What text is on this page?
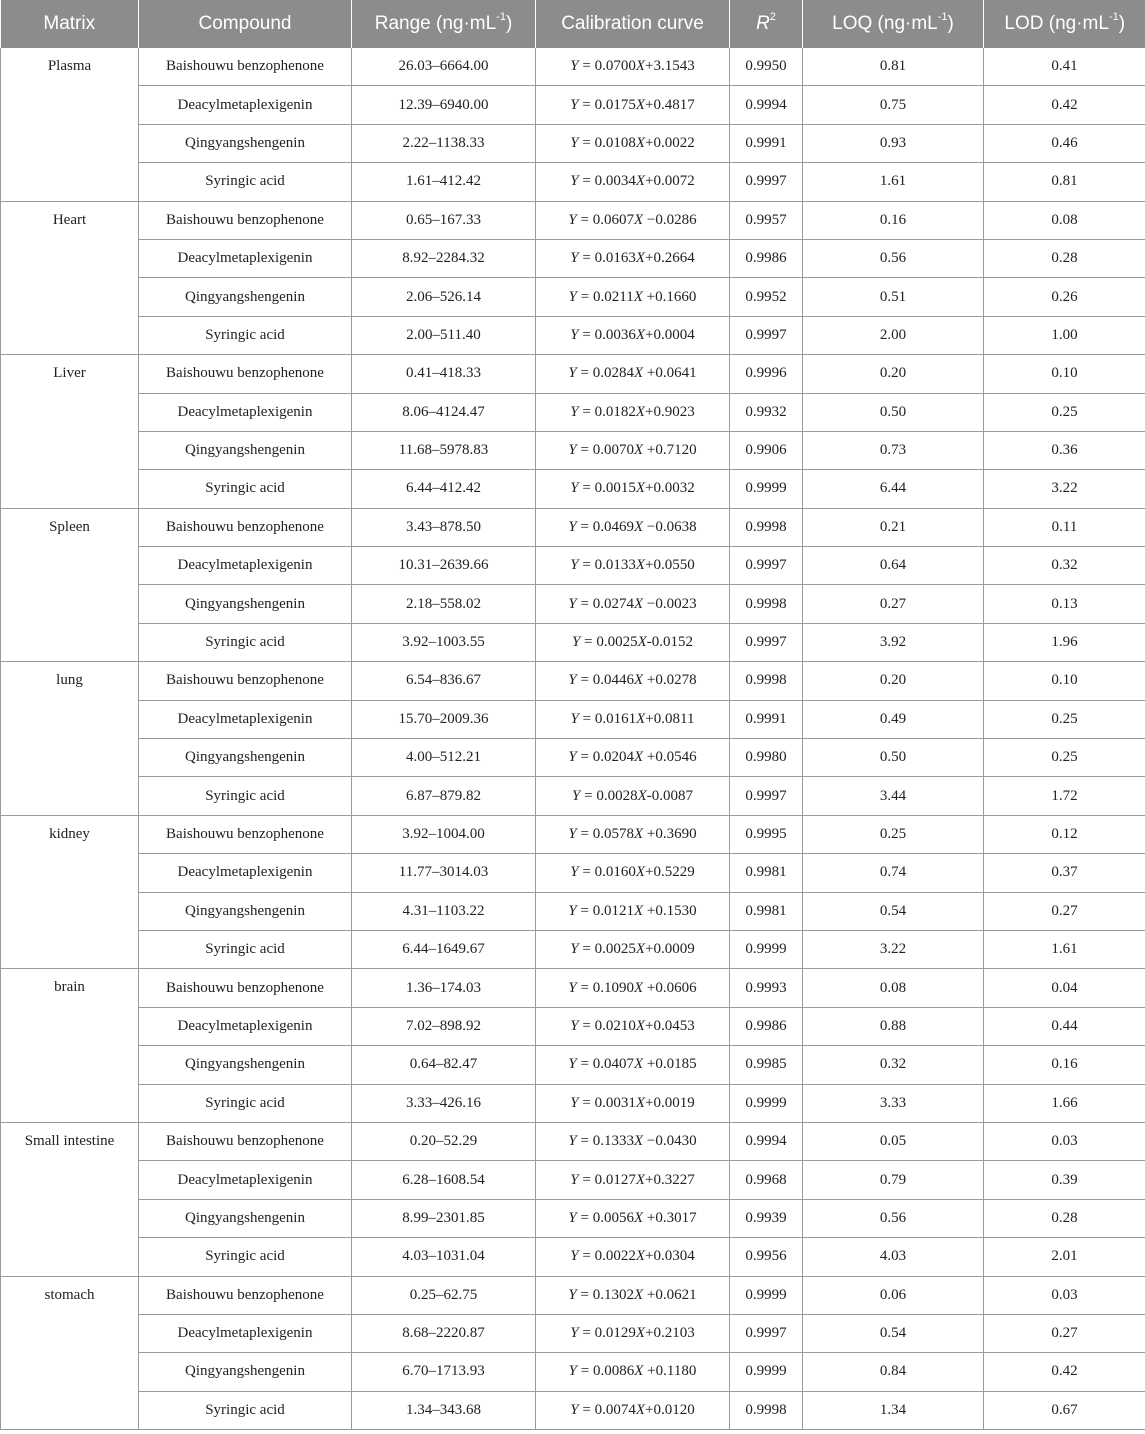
Matrix	Compound	Range $(ng\cdot mL^{-1})$	Calibration curve	$R^2$	LOQ $(ng\cdot mL^{-1})$	LOD $(ng\cdot mL^{-1})$
Plasma	Baishouwu benzophenone	26.03–6664.00	Y = 0.0700X+3.1543	0.9950	0.81	0.41
	Deacylmetaplexigenin	12.39–6940.00	Y = 0.0175X+0.4817	0.9994	0.75	0.42
	Qingyangshengenin	2.22–1138.33	Y = 0.0108X+0.0022	0.9991	0.93	0.46
	Syringic acid	1.61–412.42	Y = 0.0034X+0.0072	0.9997	1.61	0.81
Heart	Baishouwu benzophenone	0.65–167.33	Y = 0.0607X −0.0286	0.9957	0.16	0.08
	Deacylmetaplexigenin	8.92–2284.32	Y = 0.0163X+0.2664	0.9986	0.56	0.28
	Qingyangshengenin	2.06–526.14	Y = 0.0211X +0.1660	0.9952	0.51	0.26
	Syringic acid	2.00–511.40	Y = 0.0036X+0.0004	0.9997	2.00	1.00
Liver	Baishouwu benzophenone	0.41–418.33	Y = 0.0284X +0.0641	0.9996	0.20	0.10
	Deacylmetaplexigenin	8.06–4124.47	Y = 0.0182X+0.9023	0.9932	0.50	0.25
	Qingyangshengenin	11.68–5978.83	Y = 0.0070X +0.7120	0.9906	0.73	0.36
	Syringic acid	6.44–412.42	Y = 0.0015X+0.0032	0.9999	6.44	3.22
Spleen	Baishouwu benzophenone	3.43–878.50	Y = 0.0469X −0.0638	0.9998	0.21	0.11
	Deacylmetaplexigenin	10.31–2639.66	Y = 0.0133X+0.0550	0.9997	0.64	0.32
	Qingyangshengenin	2.18–558.02	Y = 0.0274X −0.0023	0.9998	0.27	0.13
	Syringic acid	3.92–1003.55	Y = 0.0025X-0.0152	0.9997	3.92	1.96
lung	Baishouwu benzophenone	6.54–836.67	Y = 0.0446X +0.0278	0.9998	0.20	0.10
	Deacylmetaplexigenin	15.70–2009.36	Y = 0.0161X+0.0811	0.9991	0.49	0.25
	Qingyangshengenin	4.00–512.21	Y = 0.0204X +0.0546	0.9980	0.50	0.25
	Syringic acid	6.87–879.82	Y = 0.0028X-0.0087	0.9997	3.44	1.72
kidney	Baishouwu benzophenone	3.92–1004.00	Y = 0.0578X +0.3690	0.9995	0.25	0.12
	Deacylmetaplexigenin	11.77–3014.03	Y = 0.0160X+0.5229	0.9981	0.74	0.37
	Qingyangshengenin	4.31–1103.22	Y = 0.0121X +0.1530	0.9981	0.54	0.27
	Syringic acid	6.44–1649.67	Y = 0.0025X+0.0009	0.9999	3.22	1.61
brain	Baishouwu benzophenone	1.36–174.03	Y = 0.1090X +0.0606	0.9993	0.08	0.04
	Deacylmetaplexigenin	7.02–898.92	Y = 0.0210X+0.0453	0.9986	0.88	0.44
	Qingyangshengenin	0.64–82.47	Y = 0.0407X +0.0185	0.9985	0.32	0.16
	Syringic acid	3.33–426.16	Y = 0.0031X+0.0019	0.9999	3.33	1.66
Small intestine	Baishouwu benzophenone	0.20–52.29	Y = 0.1333X −0.0430	0.9994	0.05	0.03
	Deacylmetaplexigenin	6.28–1608.54	Y = 0.0127X+0.3227	0.9968	0.79	0.39
	Qingyangshengenin	8.99–2301.85	Y = 0.0056X +0.3017	0.9939	0.56	0.28
	Syringic acid	4.03–1031.04	Y = 0.0022X+0.0304	0.9956	4.03	2.01
stomach	Baishouwu benzophenone	0.25–62.75	Y = 0.1302X +0.0621	0.9999	0.06	0.03
	Deacylmetaplexigenin	8.68–2220.87	Y = 0.0129X+0.2103	0.9997	0.54	0.27
	Qingyangshengenin	6.70–1713.93	Y = 0.0086X +0.1180	0.9999	0.84	0.42
	Syringic acid	1.34–343.68	Y = 0.0074X+0.0120	0.9998	1.34	0.67
